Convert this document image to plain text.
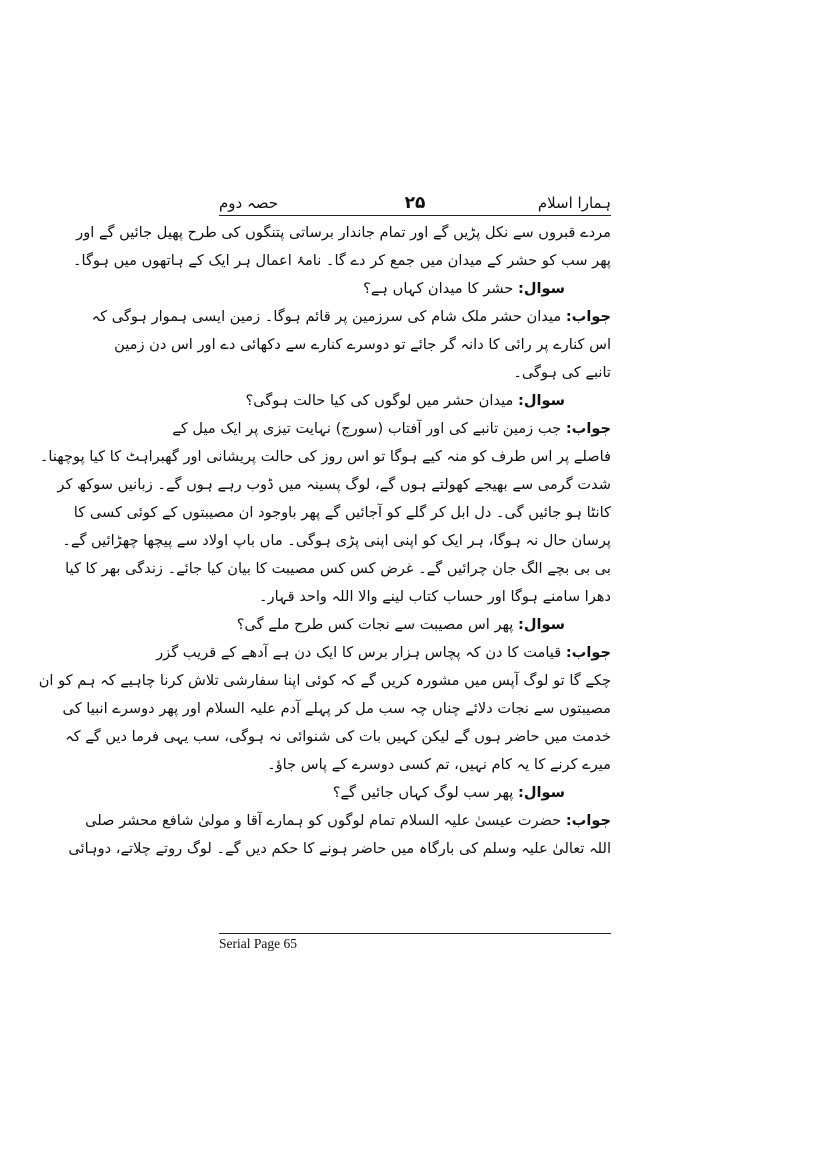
ہمارا اسلام
۲۵
حصہ دوم
مردے قبروں سے نکل پڑیں گے اور تمام جاندار برساتی پتنگوں کی طرح پھیل جائیں گے اور
پھر سب کو حشر کے میدان میں جمع کر دے گا۔ نامۂ اعمال ہر ایک کے ہاتھوں میں ہوگا۔
سوال: حشر کا میدان کہاں ہے؟
جواب: میدان حشر ملک شام کی سرزمین پر قائم ہوگا۔ زمین ایسی ہموار ہوگی کہ
اس کنارے پر رائی کا دانہ گر جائے تو دوسرے کنارے سے دکھائی دے اور اس دن زمین
تانبے کی ہوگی۔
سوال: میدان حشر میں لوگوں کی کیا حالت ہوگی؟
جواب: جب زمین تانبے کی اور آفتاب (سورج) نہایت تیزی پر ایک میل کے
فاصلے پر اس طرف کو منہ کیے ہوگا تو اس روز کی حالت پریشانی اور گھبراہٹ کا کیا پوچھنا۔
شدت گرمی سے بھیجے کھولتے ہوں گے، لوگ پسینہ میں ڈوب رہے ہوں گے۔ زبانیں سوکھ کر
کانٹا ہو جائیں گی۔ دل ابل کر گلے کو آجائیں گے پھر باوجود ان مصیبتوں کے کوئی کسی کا
پرسان حال نہ ہوگا، ہر ایک کو اپنی اپنی پڑی ہوگی۔ ماں باپ اولاد سے پیچھا چھڑائیں گے۔
بی بی بچے الگ جان چرائیں گے۔ غرض کس کس مصیبت کا بیان کیا جائے۔ زندگی بھر کا کیا
دھرا سامنے ہوگا اور حساب کتاب لینے والا اللہ واحد قہار۔
سوال: پھر اس مصیبت سے نجات کس طرح ملے گی؟
جواب: قیامت کا دن کہ پچاس ہزار برس کا ایک دن ہے آدھے کے قریب گزر
چکے گا تو لوگ آپس میں مشورہ کریں گے کہ کوئی اپنا سفارشی تلاش کرنا چاہیے کہ ہم کو ان
مصیبتوں سے نجات دلائے چناں چہ سب مل کر پہلے آدم علیہ السلام اور پھر دوسرے انبیا کی
خدمت میں حاضر ہوں گے لیکن کہیں بات کی شنوائی نہ ہوگی، سب یہی فرما دیں گے کہ
میرے کرنے کا یہ کام نہیں، تم کسی دوسرے کے پاس جاؤ۔
سوال: پھر سب لوگ کہاں جائیں گے؟
جواب: حضرت عیسیٰ علیہ السلام تمام لوگوں کو ہمارے آقا و مولیٰ شافع محشر صلی
اللہ تعالیٰ علیہ وسلم کی بارگاہ میں حاضر ہونے کا حکم دیں گے۔ لوگ روتے چلاتے، دوہائی
Serial Page 65
